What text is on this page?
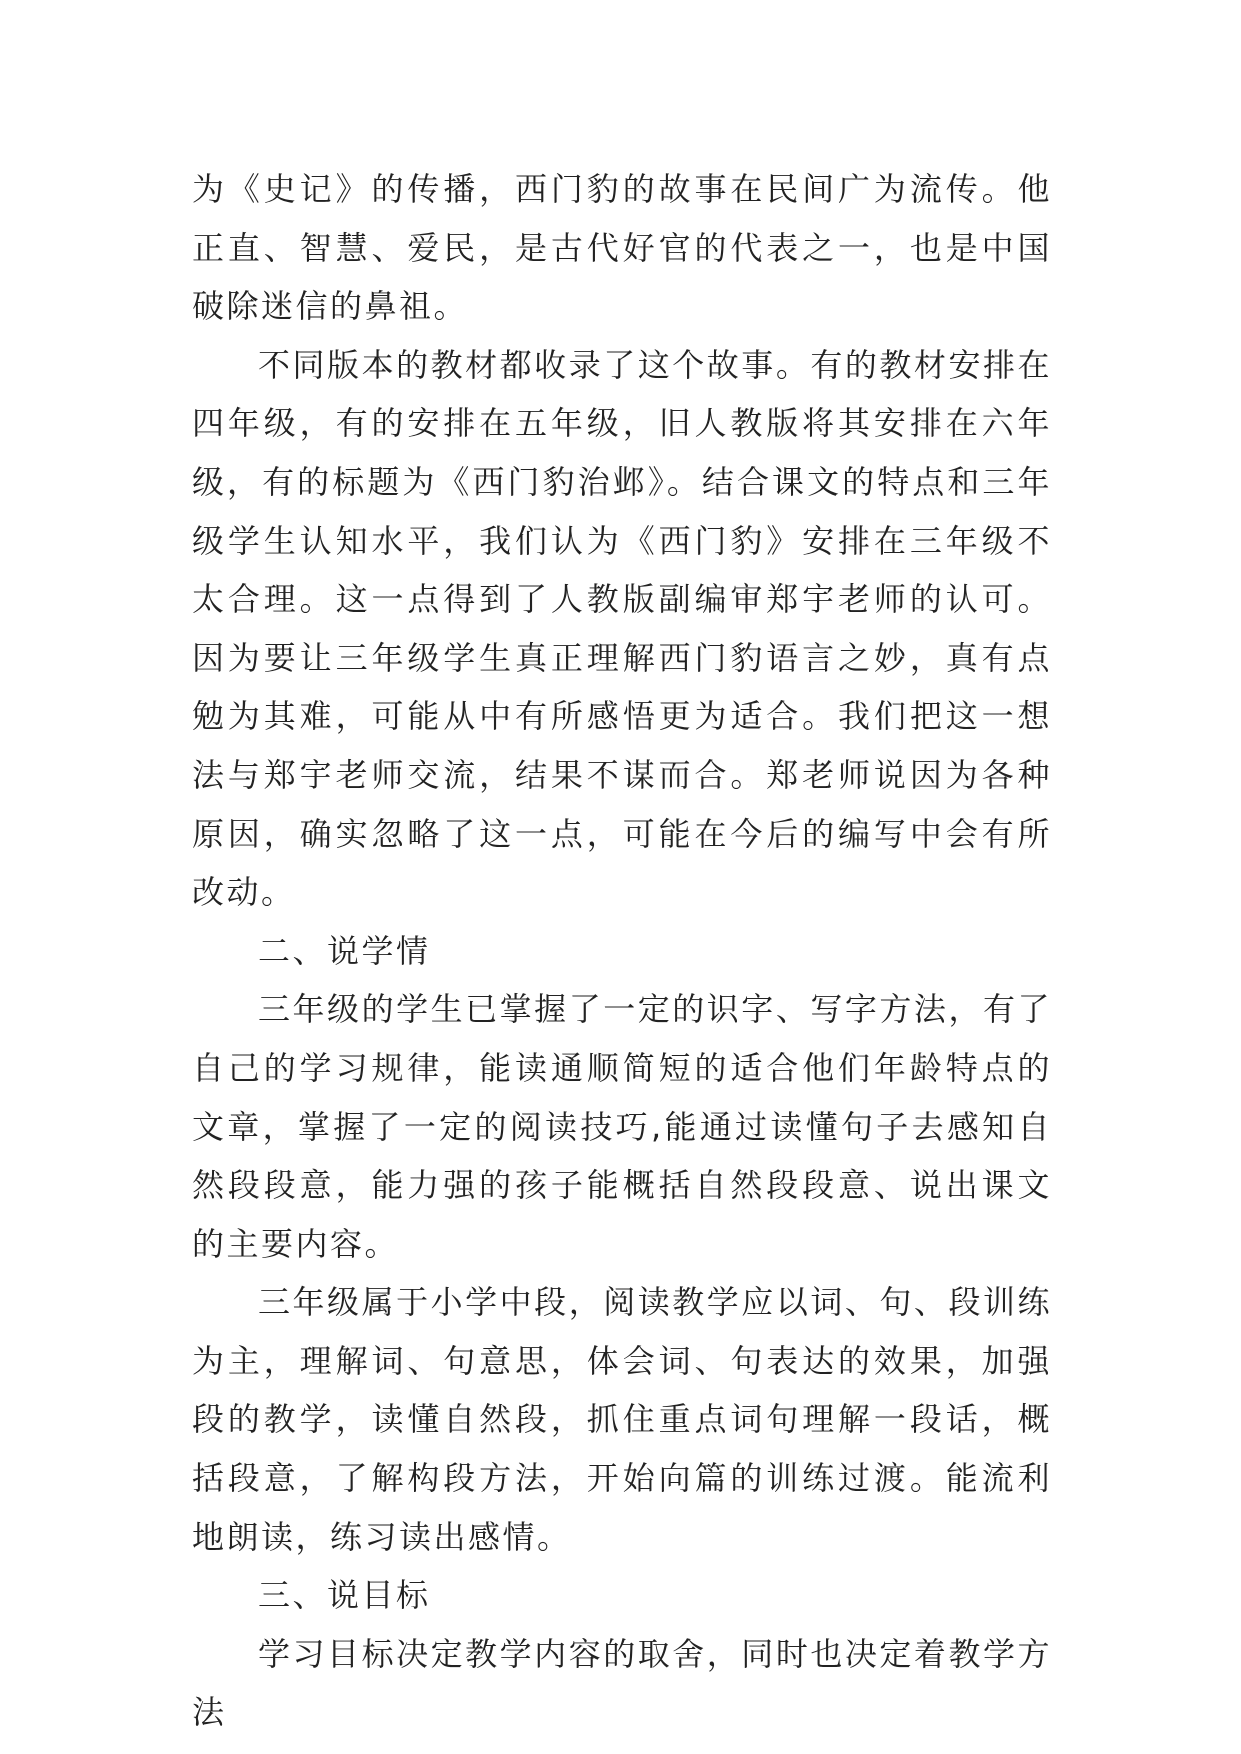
为《史记》的传播，西门豹的故事在民间广为流传。他正直、智慧、爱民，是古代好官的代表之一，也是中国破除迷信的鼻祖。

不同版本的教材都收录了这个故事。有的教材安排在四年级，有的安排在五年级，旧人教版将其安排在六年级，有的标题为《西门豹治邺》。结合课文的特点和三年级学生认知水平，我们认为《西门豹》安排在三年级不太合理。这一点得到了人教版副编审郑宇老师的认可。因为要让三年级学生真正理解西门豹语言之妙，真有点勉为其难，可能从中有所感悟更为适合。我们把这一想法与郑宇老师交流，结果不谋而合。郑老师说因为各种原因，确实忽略了这一点，可能在今后的编写中会有所改动。

二、说学情

三年级的学生已掌握了一定的识字、写字方法，有了自己的学习规律，能读通顺简短的适合他们年龄特点的文章，掌握了一定的阅读技巧,能通过读懂句子去感知自然段段意，能力强的孩子能概括自然段段意、说出课文的主要内容。

三年级属于小学中段，阅读教学应以词、句、段训练为主，理解词、句意思，体会词、句表达的效果，加强段的教学，读懂自然段，抓住重点词句理解一段话，概括段意，了解构段方法，开始向篇的训练过渡。能流利地朗读，练习读出感情。

三、说目标

学习目标决定教学内容的取舍，同时也决定着教学方法
